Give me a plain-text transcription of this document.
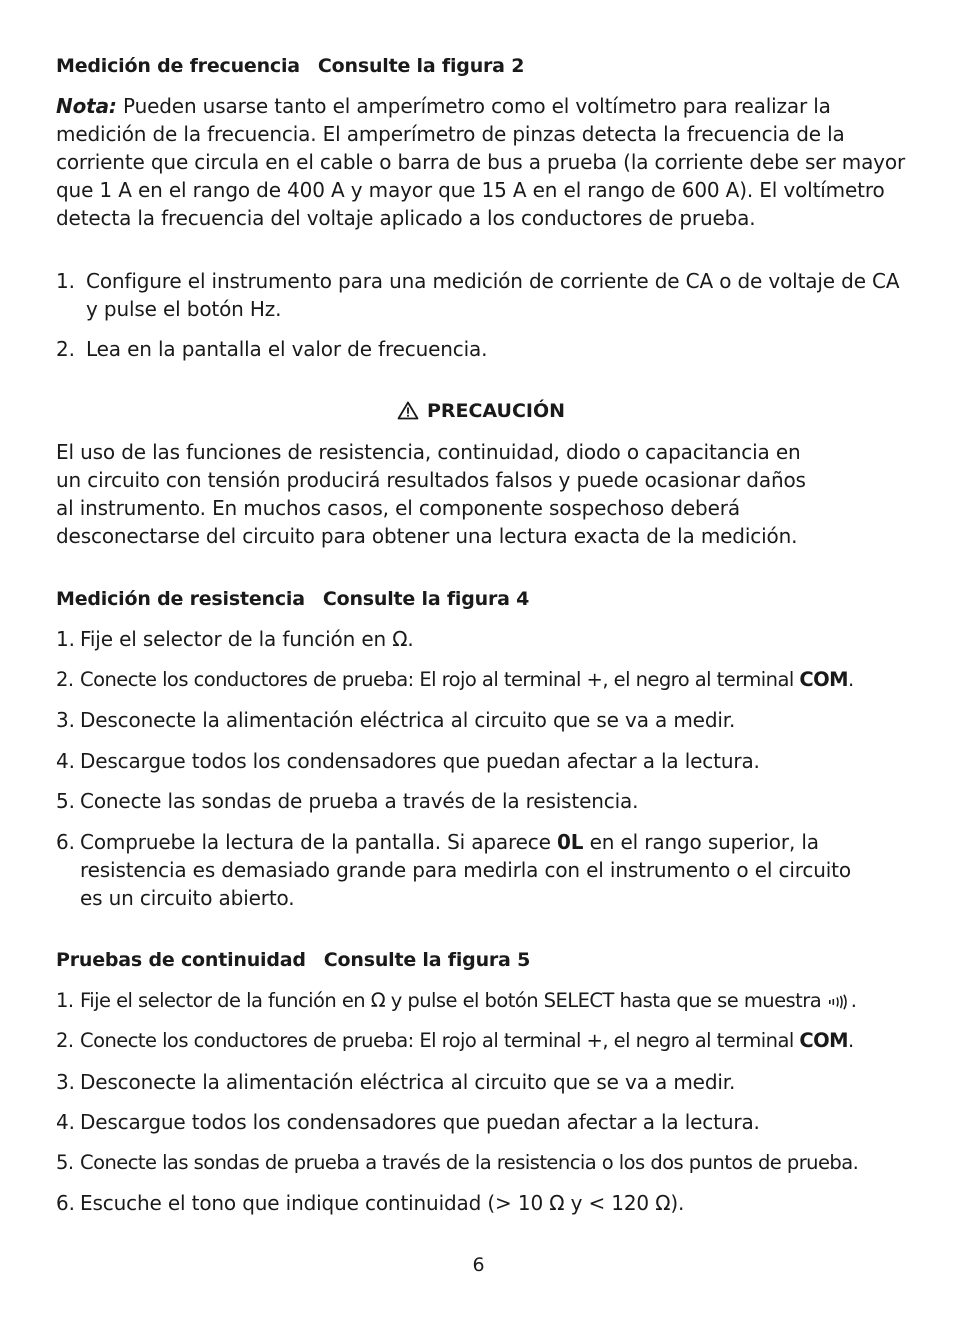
Medición de frecuencia Consulte la figura 2
Nota: Pueden usarse tanto el amperímetro como el voltímetro para realizar la medición de la frecuencia. El amperímetro de pinzas detecta la frecuencia de la corriente que circula en el cable o barra de bus a prueba (la corriente debe ser mayor que 1 A en el rango de 400 A y mayor que 15 A en el rango de 600 A). El voltímetro detecta la frecuencia del voltaje aplicado a los conductores de prueba.
1. Configure el instrumento para una medición de corriente de CA o de voltaje de CA y pulse el botón Hz.
2. Lea en la pantalla el valor de frecuencia.
PRECAUCIÓN
El uso de las funciones de resistencia, continuidad, diodo o capacitancia en un circuito con tensión producirá resultados falsos y puede ocasionar daños al instrumento. En muchos casos, el componente sospechoso deberá desconectarse del circuito para obtener una lectura exacta de la medición.
Medición de resistencia Consulte la figura 4
1. Fije el selector de la función en Ω.
2. Conecte los conductores de prueba: El rojo al terminal +, el negro al terminal COM.
3. Desconecte la alimentación eléctrica al circuito que se va a medir.
4. Descargue todos los condensadores que puedan afectar a la lectura.
5. Conecte las sondas de prueba a través de la resistencia.
6. Compruebe la lectura de la pantalla. Si aparece 0L en el rango superior, la resistencia es demasiado grande para medirla con el instrumento o el circuito es un circuito abierto.
Pruebas de continuidad Consulte la figura 5
1. Fije el selector de la función en Ω y pulse el botón SELECT hasta que se muestra .
2. Conecte los conductores de prueba: El rojo al terminal +, el negro al terminal COM.
3. Desconecte la alimentación eléctrica al circuito que se va a medir.
4. Descargue todos los condensadores que puedan afectar a la lectura.
5. Conecte las sondas de prueba a través de la resistencia o los dos puntos de prueba.
6. Escuche el tono que indique continuidad (> 10 Ω y < 120 Ω).
6
